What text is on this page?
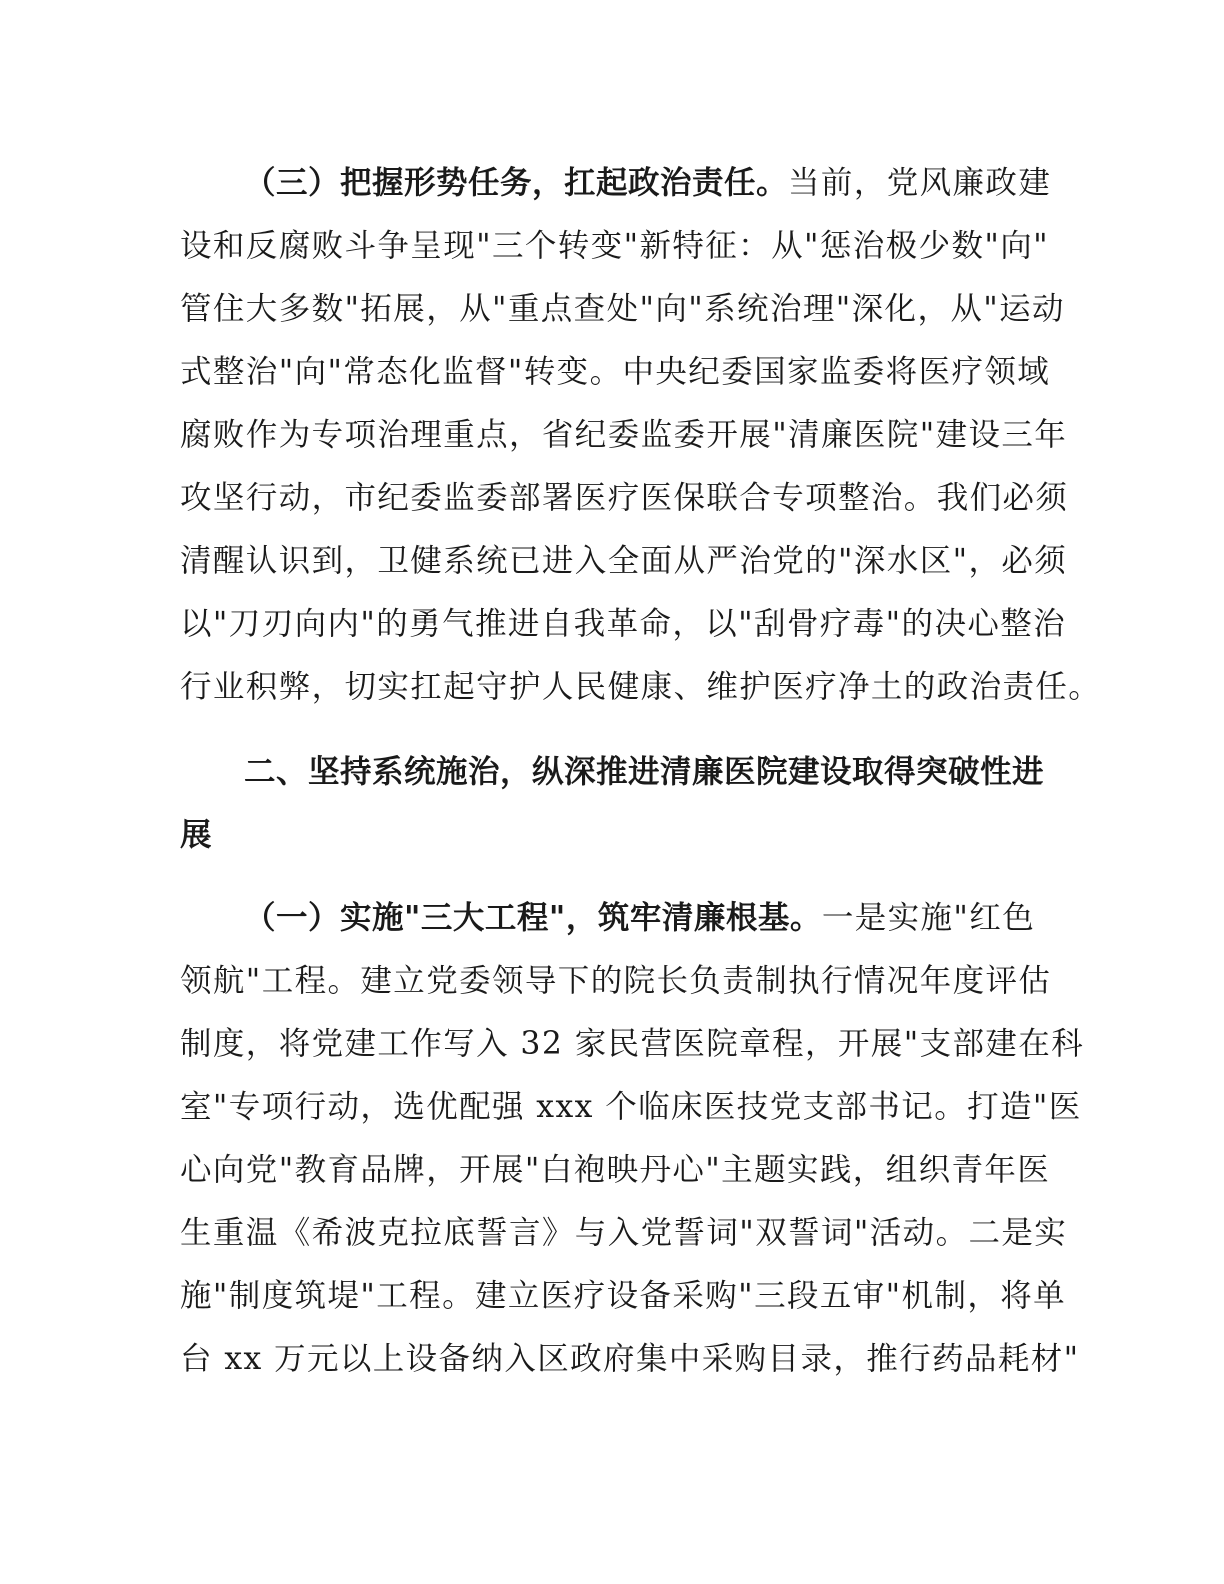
（三）把握形势任务，扛起政治责任。当前，党风廉政建
设和反腐败斗争呈现"三个转变"新特征：从"惩治极少数"向"
管住大多数"拓展，从"重点查处"向"系统治理"深化，从"运动
式整治"向"常态化监督"转变。中央纪委国家监委将医疗领域
腐败作为专项治理重点，省纪委监委开展"清廉医院"建设三年
攻坚行动，市纪委监委部署医疗医保联合专项整治。我们必须
清醒认识到，卫健系统已进入全面从严治党的"深水区"，必须
以"刀刃向内"的勇气推进自我革命，以"刮骨疗毒"的决心整治
行业积弊，切实扛起守护人民健康、维护医疗净土的政治责任。
二、坚持系统施治，纵深推进清廉医院建设取得突破性进
展
（一）实施"三大工程"，筑牢清廉根基。一是实施"红色
领航"工程。建立党委领导下的院长负责制执行情况年度评估
制度，将党建工作写入 32 家民营医院章程，开展"支部建在科
室"专项行动，选优配强 xxx 个临床医技党支部书记。打造"医
心向党"教育品牌，开展"白袍映丹心"主题实践，组织青年医
生重温《希波克拉底誓言》与入党誓词"双誓词"活动。二是实
施"制度筑堤"工程。建立医疗设备采购"三段五审"机制，将单
台 xx 万元以上设备纳入区政府集中采购目录，推行药品耗材"
